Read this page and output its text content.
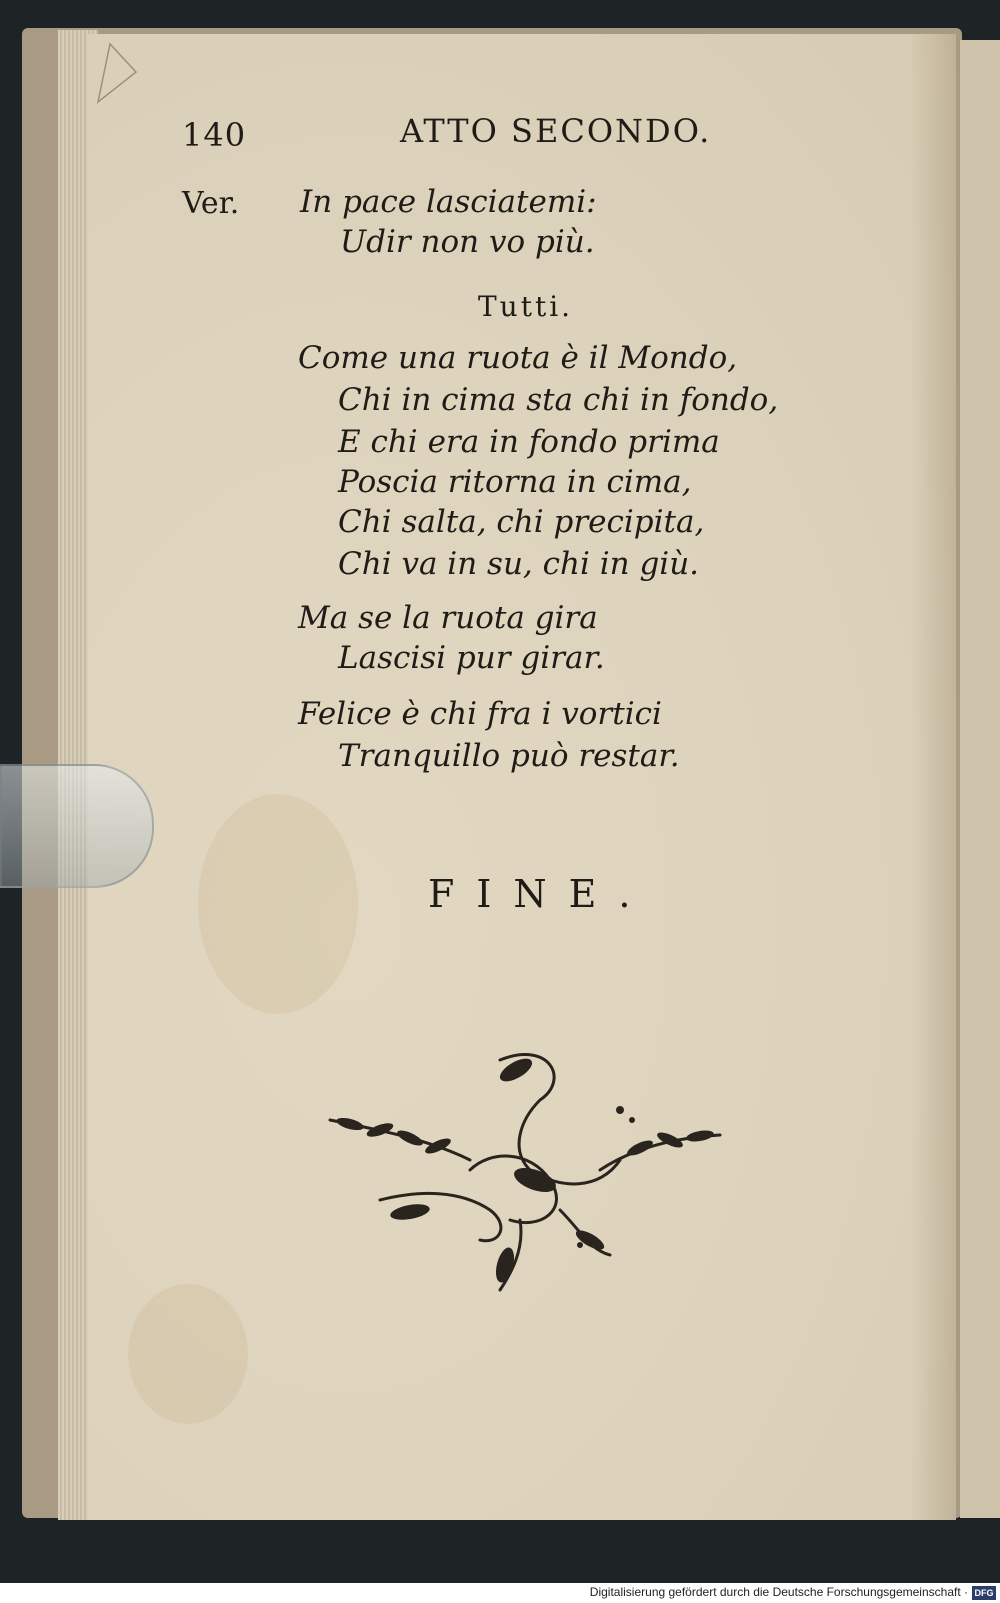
140	ATTO SECONDO.
Ver. In pace lasciatemi:
Udir non vo più.
Tutti.
Come una ruota è il Mondo,
Chi in cima sta chi in fondo,
E chi era in fondo prima
Poscia ritorna in cima,
Chi salta, chi precipita,
Chi va in su, chi in giù.
Ma se la ruota gira
Lascisi pur girar.
Felice è chi fra i vortici
Tranquillo può restar.
FINE.
Digitalisierung gefördert durch die Deutsche Forschungsgemeinschaft · DFG
